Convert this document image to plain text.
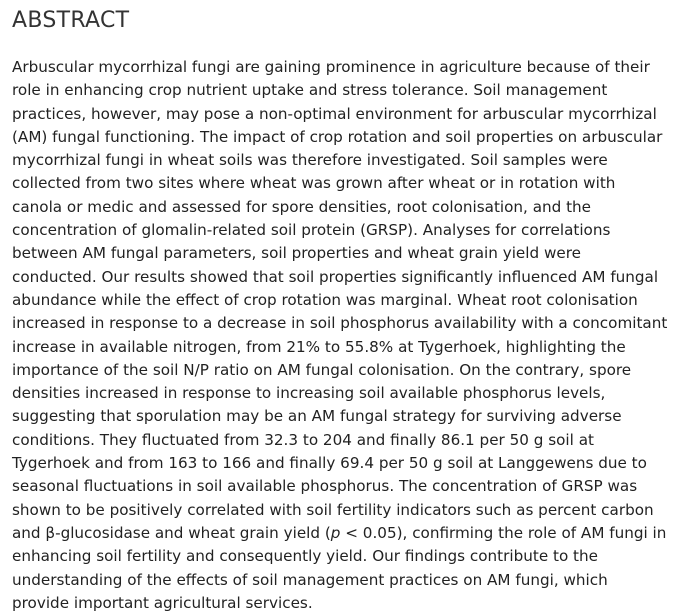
ABSTRACT

Arbuscular mycorrhizal fungi are gaining prominence in agriculture because of their role in enhancing crop nutrient uptake and stress tolerance. Soil management practices, however, may pose a non-optimal environment for arbuscular mycorrhizal (AM) fungal functioning. The impact of crop rotation and soil properties on arbuscular mycorrhizal fungi in wheat soils was therefore investigated. Soil samples were collected from two sites where wheat was grown after wheat or in rotation with canola or medic and assessed for spore densities, root colonisation, and the concentration of glomalin-related soil protein (GRSP). Analyses for correlations between AM fungal parameters, soil properties and wheat grain yield were conducted. Our results showed that soil properties significantly influenced AM fungal abundance while the effect of crop rotation was marginal. Wheat root colonisation increased in response to a decrease in soil phosphorus availability with a concomitant increase in available nitrogen, from 21% to 55.8% at Tygerhoek, highlighting the importance of the soil N/P ratio on AM fungal colonisation. On the contrary, spore densities increased in response to increasing soil available phosphorus levels, suggesting that sporulation may be an AM fungal strategy for surviving adverse conditions. They fluctuated from 32.3 to 204 and finally 86.1 per 50 g soil at Tygerhoek and from 163 to 166 and finally 69.4 per 50 g soil at Langgewens due to seasonal fluctuations in soil available phosphorus. The concentration of GRSP was shown to be positively correlated with soil fertility indicators such as percent carbon and β-glucosidase and wheat grain yield (p < 0.05), confirming the role of AM fungi in enhancing soil fertility and consequently yield. Our findings contribute to the understanding of the effects of soil management practices on AM fungi, which provide important agricultural services.
